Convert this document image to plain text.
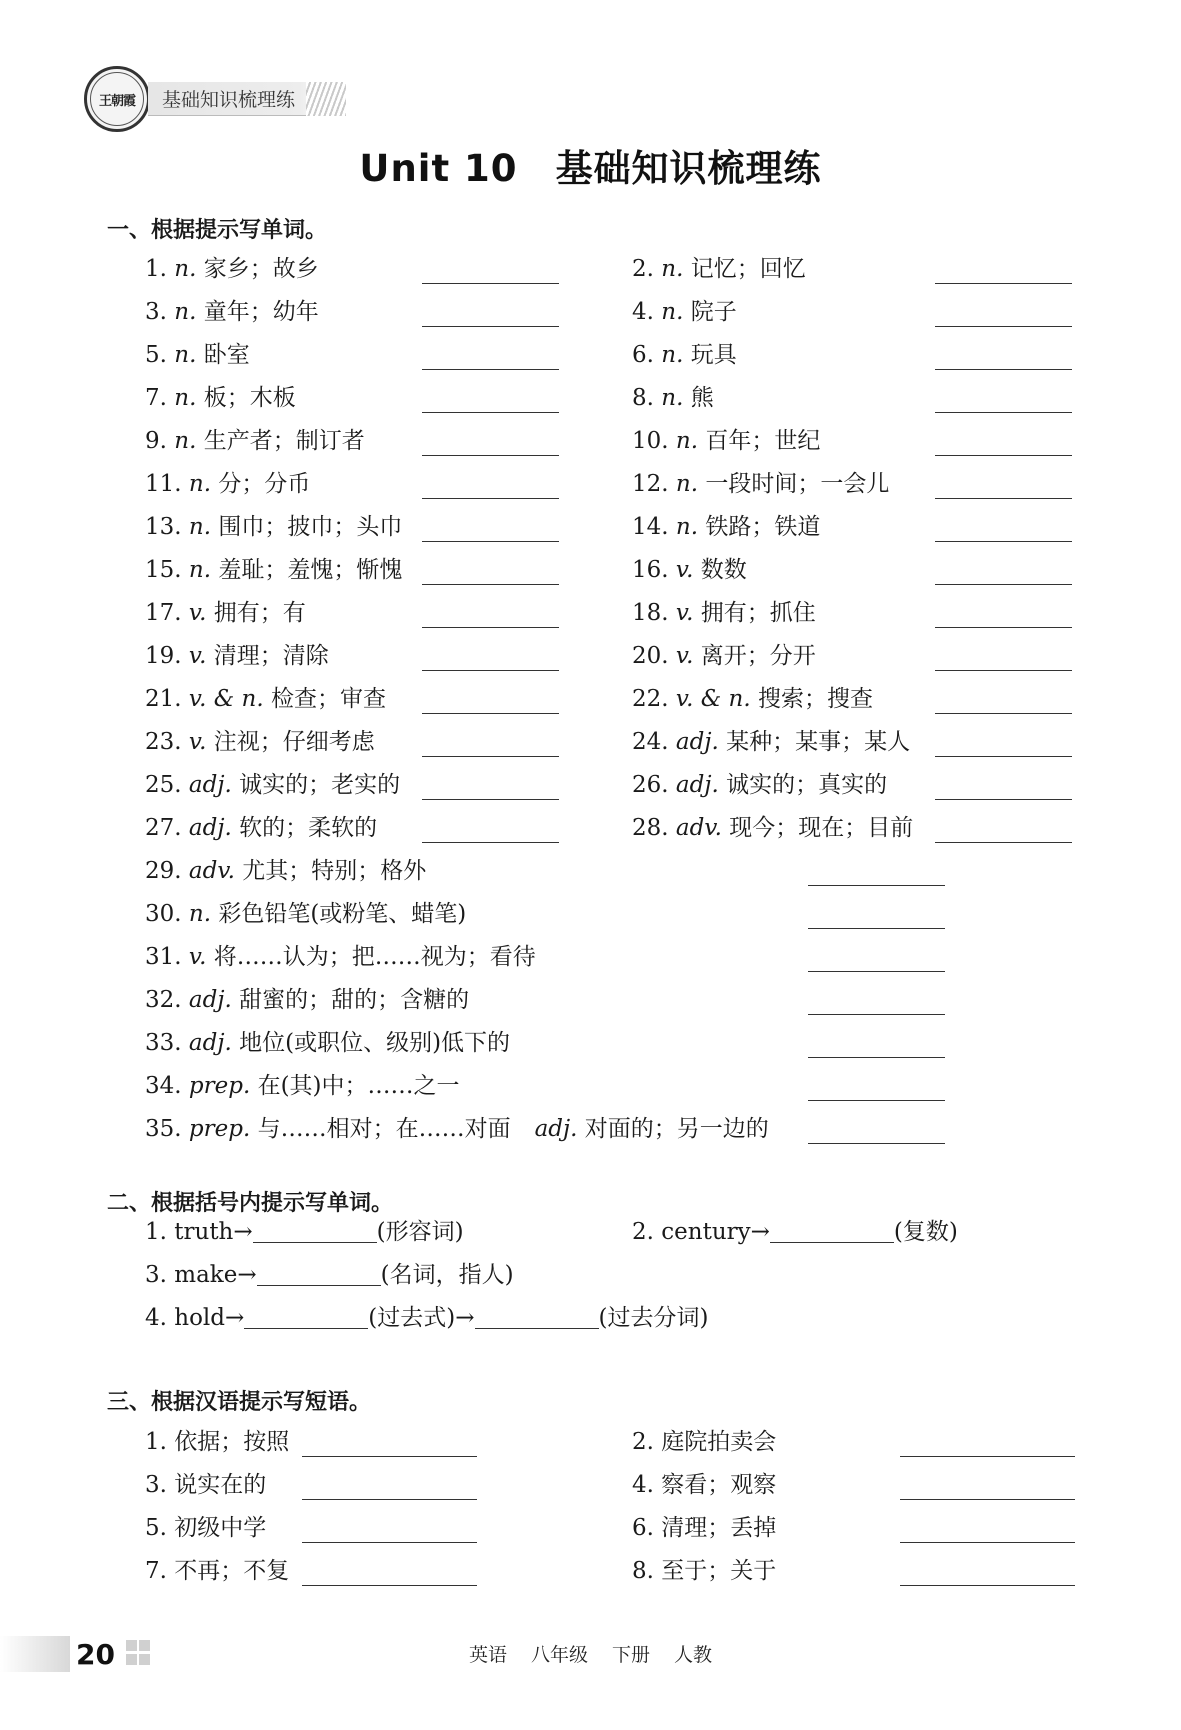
王朝霞	基础知识梳理练
Unit 10 基础知识梳理练
一、根据提示写单词。
1. n. 家乡；故乡	2. n. 记忆；回忆
3. n. 童年；幼年	4. n. 院子
5. n. 卧室	6. n. 玩具
7. n. 板；木板	8. n. 熊
9. n. 生产者；制订者	10. n. 百年；世纪
11. n. 分；分币	12. n. 一段时间；一会儿
13. n. 围巾；披巾；头巾	14. n. 铁路；铁道
15. n. 羞耻；羞愧；惭愧	16. v. 数数
17. v. 拥有；有	18. v. 拥有；抓住
19. v. 清理；清除	20. v. 离开；分开
21. v. & n. 检查；审查	22. v. & n. 搜索；搜查
23. v. 注视；仔细考虑	24. adj. 某种；某事；某人
25. adj. 诚实的；老实的	26. adj. 诚实的；真实的
27. adj. 软的；柔软的	28. adv. 现今；现在；目前
29. adv. 尤其；特别；格外
30. n. 彩色铅笔(或粉笔、蜡笔)
31. v. 将……认为；把……视为；看待
32. adj. 甜蜜的；甜的；含糖的
33. adj. 地位(或职位、级别)低下的
34. prep. 在(其)中；……之一
35. prep. 与……相对；在……对面 adj. 对面的；另一边的
二、根据括号内提示写单词。
1. truth→	(形容词)	2. century→	(复数)
3. make→	(名词，指人)
4. hold→	(过去式)→	(过去分词)
三、根据汉语提示写短语。
1. 依据；按照	2. 庭院拍卖会
3. 说实在的	4. 察看；观察
5. 初级中学	6. 清理；丢掉
7. 不再；不复	8. 至于；关于
20	英语 八年级 下册 人教
